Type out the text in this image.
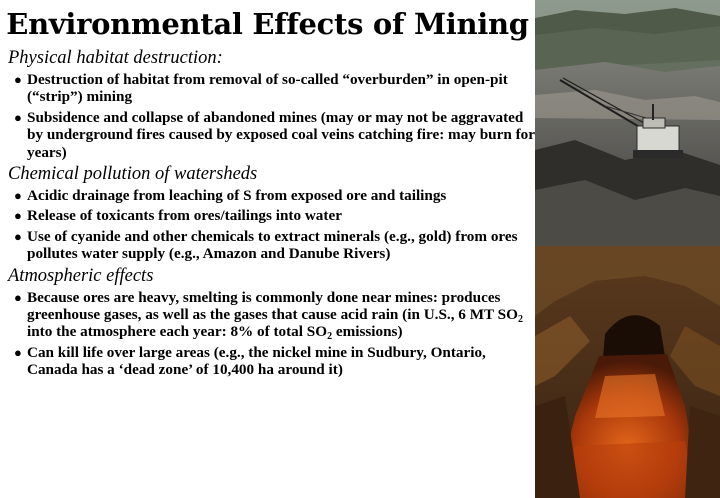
Environmental Effects of Mining
Physical habitat destruction:
● Destruction of habitat from removal of so-called “overburden” in open-pit (“strip”) mining
● Subsidence and collapse of abandoned mines (may or may not be aggravated by underground fires caused by exposed coal veins catching fire: may burn for years)
Chemical pollution of watersheds
● Acidic drainage from leaching of S from exposed ore and tailings
● Release of toxicants from ores/tailings into water
● Use of cyanide and other chemicals to extract minerals (e.g., gold) from ores pollutes water supply (e.g., Amazon and Danube Rivers)
Atmospheric effects
● Because ores are heavy, smelting is commonly done near mines: produces greenhouse gases, as well as the gases that cause acid rain (in U.S., 6 MT $SO_2$ into the atmosphere each year: 8% of total $SO_2$ emissions)
● Can kill life over large areas (e.g., the nickel mine in Sudbury, Ontario, Canada has a ‘dead zone’ of 10,400 ha around it)
